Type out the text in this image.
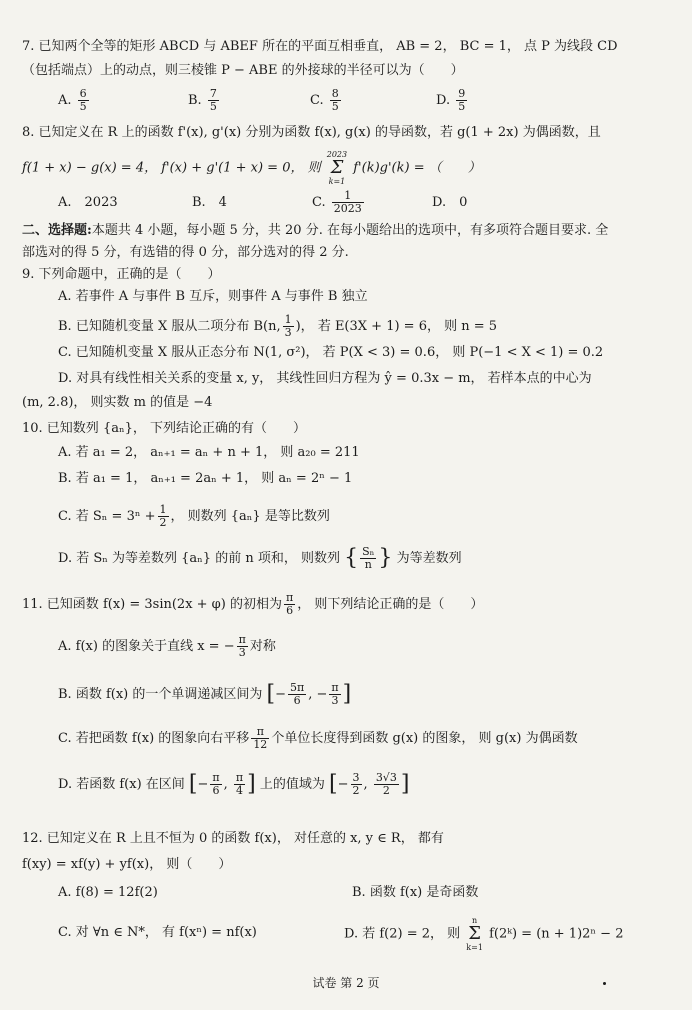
7. 已知两个全等的矩形 ABCD 与 ABEF 所在的平面互相垂直， AB = 2， BC = 1， 点 P 为线段 CD
（包括端点）上的动点，则三棱锥 P − ABE 的外接球的半径可以为（　　）
A. $\frac{6}{5}$	B. $\frac{7}{5}$	C. $\frac{8}{5}$	D. $\frac{9}{5}$
8. 已知定义在 R 上的函数 f'(x), g'(x) 分别为函数 f(x), g(x) 的导函数，若 g(1 + 2x) 为偶函数，且
f(1 + x) − g(x) = 4， f'(x) + g'(1 + x) = 0， 则 2023
Σ
k=1 f'(k)g'(k) = （　　）
A.　2023	B.　4	C. $\frac{1}{2023}$	D.　0
二、选择题:本题共 4 小题，每小题 5 分，共 20 分. 在每小题给出的选项中，有多项符合题目要求. 全
部选对的得 5 分，有选错的得 0 分，部分选对的得 2 分.
9. 下列命题中，正确的是（　　）
A. 若事件 A 与事件 B 互斥，则事件 A 与事件 B 独立
B. 已知随机变量 X 服从二项分布 B(n, $\frac{1}{3}$ )， 若 E(3X + 1) = 6， 则 n = 5
C. 已知随机变量 X 服从正态分布 N(1, σ²)， 若 P(X < 3) = 0.6， 则 P(−1 < X < 1) = 0.2
D. 对具有线性相关关系的变量 x, y， 其线性回归方程为 ŷ = 0.3x − m， 若样本点的中心为
(m, 2.8)， 则实数 m 的值是 −4
10. 已知数列 {aₙ}， 下列结论正确的有（　　）
A. 若 a₁ = 2， aₙ₊₁ = aₙ + n + 1， 则 a₂₀ = 211
B. 若 a₁ = 1， aₙ₊₁ = 2aₙ + 1， 则 aₙ = 2ⁿ − 1
C. 若 $S_n = 3^n + \frac{1}{2}$ ， 则数列 {aₙ} 是等比数列
D. 若 Sₙ 为等差数列 {aₙ} 的前 n 项和， 则数列 { $\frac{\text{Sₙ}}{n}$ } 为等差数列
11. 已知函数 f(x) = 3sin(2x + φ) 的初相为 $\frac{\pi}{6}$ ， 则下列结论正确的是（　　）
A. f(x) 的图象关于直线 x = − $\frac{\pi}{3}$ 对称
B. 函数 f(x) 的一个单调递减区间为 [− $\frac{5\pi}{6}$ , − $\frac{\pi}{3}$ ]
C. 若把函数 f(x) 的图象向右平移 $\frac{\pi}{12}$ 个单位长度得到函数 g(x) 的图象， 则 g(x) 为偶函数
D. 若函数 f(x) 在区间 [− $\frac{\pi}{6}$ , $\frac{\pi}{4}$ ] 上的值域为 [− $\frac{3}{2}$ , $\frac{3√3}{2}$ ]
12. 已知定义在 R 上且不恒为 0 的函数 f(x)， 对任意的 x, y ∈ R， 都有
f(xy) = xf(y) + yf(x)， 则（　　）
A. f(8) = 12f(2)	B. 函数 f(x) 是奇函数
C. 对 ∀n ∈ N*， 有 f(xⁿ) = nf(x)	D. 若 f(2) = 2， 则 n
Σ
k=1 f(2ᵏ) = (n + 1)2ⁿ − 2
试卷 第 2 页
